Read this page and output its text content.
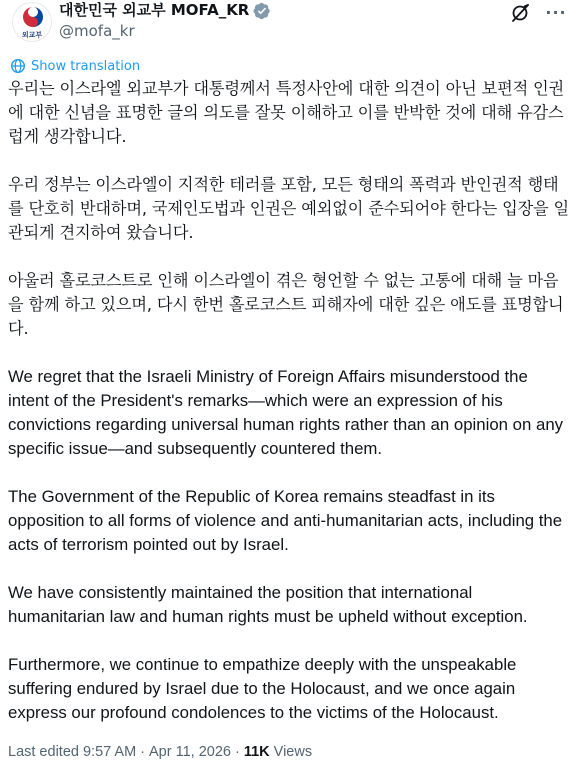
외교부
대한민국 외교부 MOFA_KR
@mofa_kr
···
Show translation

우리는 이스라엘 외교부가 대통령께서 특정사안에 대한 의견이 아닌 보편적 인권에 대한 신념을 표명한 글의 의도를 잘못 이해하고 이를 반박한 것에 대해 유감스럽게 생각합니다.

우리 정부는 이스라엘이 지적한 테러를 포함, 모든 형태의 폭력과 반인권적 행태를 단호히 반대하며, 국제인도법과 인권은 예외없이 준수되어야 한다는 입장을 일관되게 견지하여 왔습니다.

아울러 홀로코스트로 인해 이스라엘이 겪은 형언할 수 없는 고통에 대해 늘 마음을 함께 하고 있으며, 다시 한번 홀로코스트 피해자에 대한 깊은 애도를 표명합니다.

We regret that the Israeli Ministry of Foreign Affairs misunderstood the intent of the President's remarks—which were an expression of his convictions regarding universal human rights rather than an opinion on any specific issue—and subsequently countered them.

The Government of the Republic of Korea remains steadfast in its opposition to all forms of violence and anti-humanitarian acts, including the acts of terrorism pointed out by Israel.

We have consistently maintained the position that international humanitarian law and human rights must be upheld without exception.

Furthermore, we continue to empathize deeply with the unspeakable suffering endured by Israel due to the Holocaust, and we once again express our profound condolences to the victims of the Holocaust.

Last edited 9:57 AM · Apr 11, 2026 · 11K Views
